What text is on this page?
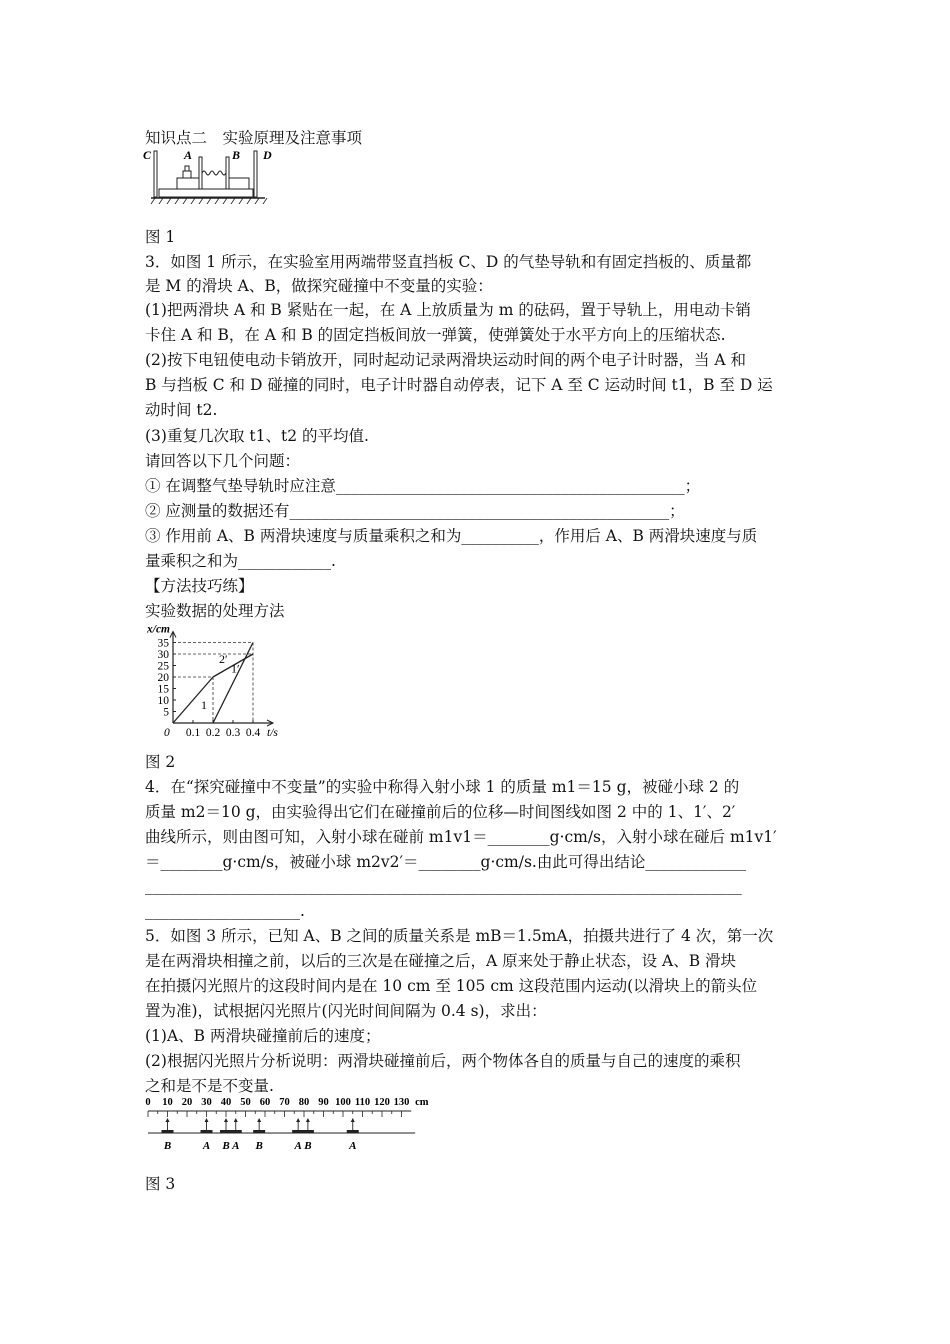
知识点二　实验原理及注意事项
C	A	B D
图 1
3．如图 1 所示，在实验室用两端带竖直挡板 C、D 的气垫导轨和有固定挡板的、质量都
是 M 的滑块 A、B，做探究碰撞中不变量的实验：
(1)把两滑块 A 和 B 紧贴在一起，在 A 上放质量为 m 的砝码，置于导轨上，用电动卡销
卡住 A 和 B，在 A 和 B 的固定挡板间放一弹簧，使弹簧处于水平方向上的压缩状态.
(2)按下电钮使电动卡销放开，同时起动记录两滑块运动时间的两个电子计时器，当 A 和
B 与挡板 C 和 D 碰撞的同时，电子计时器自动停表，记下 A 至 C 运动时间 t1，B 至 D 运
动时间 t2.
(3)重复几次取 t1、t2 的平均值.
请回答以下几个问题：
① 在调整气垫导轨时应注意_____________________________________________；
② 应测量的数据还有_________________________________________________；
③ 作用前 A、B 两滑块速度与质量乘积之和为__________，作用后 A、B 两滑块速度与质
量乘积之和为____________.
【方法技巧练】
实验数据的处理方法
5
10
15
20
25
30
35
0.1 0.2 0.3 0.4
0	t/s
x/cm
1
2′
1′
图 2
4．在“探究碰撞中不变量”的实验中称得入射小球 1 的质量 m1＝15 g，被碰小球 2 的
质量 m2＝10 g，由实验得出它们在碰撞前后的位移—时间图线如图 2 中的 1、1′、2′
曲线所示，则由图可知，入射小球在碰前 m1v1＝________g·cm/s，入射小球在碰后 m1v1′
＝________g·cm/s，被碰小球 m2v2′＝________g·cm/s.由此可得出结论_____________
_____________________________________________________________________________
____________________.
5．如图 3 所示，已知 A、B 之间的质量关系是 mB＝1.5mA，拍摄共进行了 4 次，第一次
是在两滑块相撞之前，以后的三次是在碰撞之后，A 原来处于静止状态，设 A、B 滑块
在拍摄闪光照片的这段时间内是在 10 cm 至 105 cm 这段范围内运动(以滑块上的箭头位
置为准)，试根据闪光照片(闪光时间间隔为 0.4 s)，求出：
(1)A、B 两滑块碰撞前后的速度；
(2)根据闪光照片分析说明：两滑块碰撞前后，两个物体各自的质量与自己的速度的乘积
之和是不是不变量.
0 10 20 30 40 50 60 70 80 90 100 110 120 130 cm
B	A B A B	A B	A
图 3
